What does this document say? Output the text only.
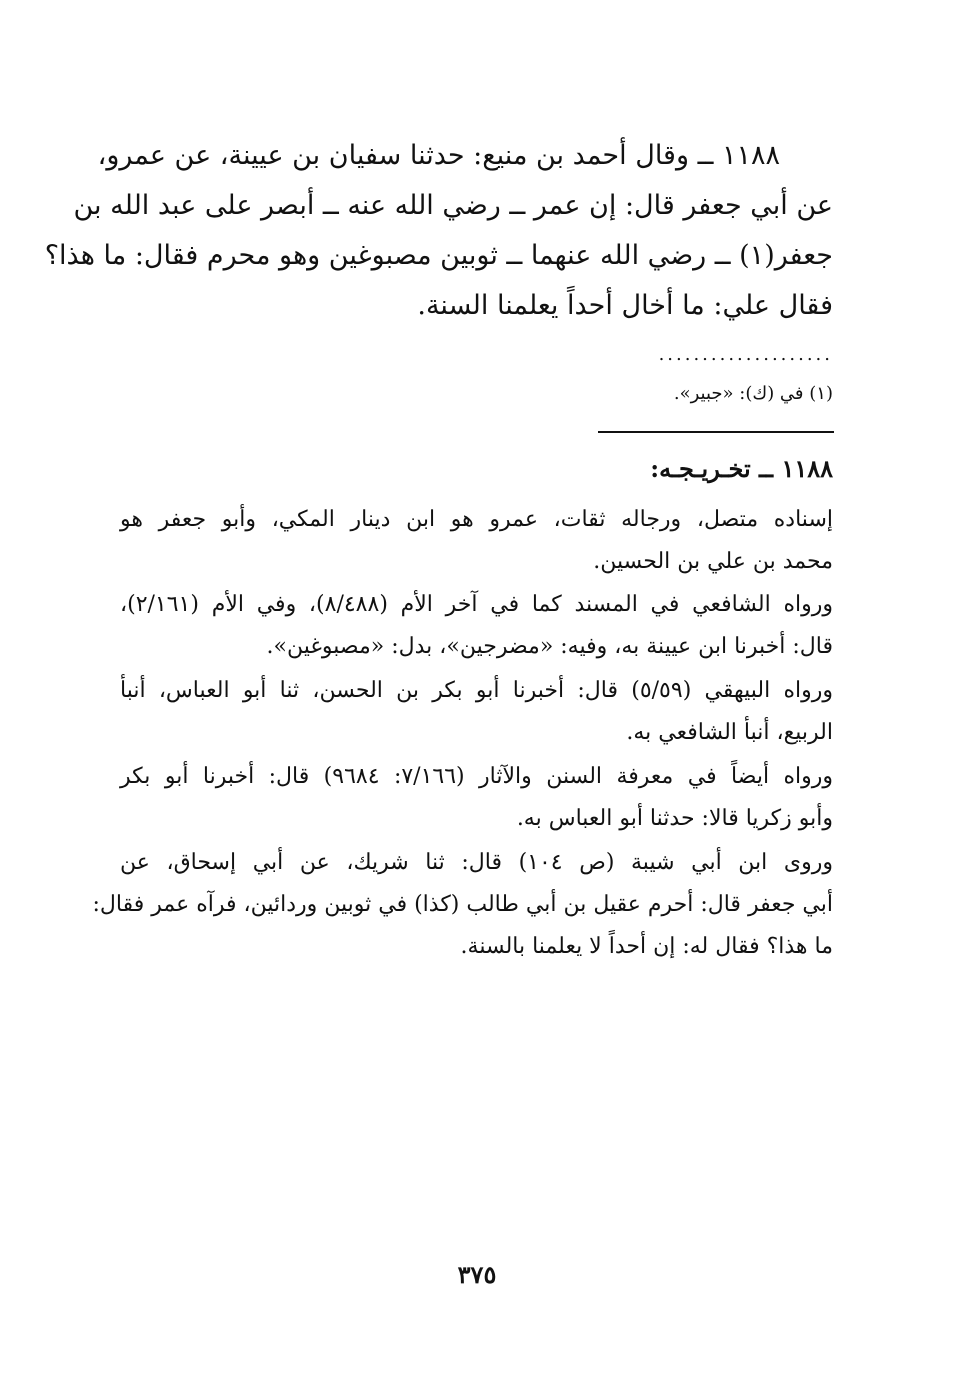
١١٨٨ ــ وقال أحمد بن منيع: حدثنا سفيان بن عيينة، عن عمرو،
عن أبي جعفر قال: إن عمر ــ رضي الله عنه ــ أبصر على عبد الله بن
جعفر(١) ــ رضي الله عنهما ــ ثوبين مصبوغين وهو محرم فقال: ما هذا؟
فقال علي: ما أخال أحداً يعلمنا السنة.
....................
(١) في (ك): «جبير».
١١٨٨ ــ تخـريـجـه:
إسناده متصل، ورجاله ثقات، عمرو هو ابن دينار المكي، وأبو جعفر هو
محمد بن علي بن الحسين.
ورواه الشافعي في المسند كما في آخر الأم (٨/٤٨٨)، وفي الأم (٢/١٦١)،
قال: أخبرنا ابن عيينة به، وفيه: «مضرجين»، بدل: «مصبوغين».
ورواه البيهقي (٥/٥٩) قال: أخبرنا أبو بكر بن الحسن، ثنا أبو العباس، أنبأ
الربيع، أنبأ الشافعي به.
ورواه أيضاً في معرفة السنن والآثار (٧/١٦٦: ٩٦٨٤) قال: أخبرنا أبو بكر
وأبو زكريا قالا: حدثنا أبو العباس به.
وروى ابن أبي شيبة (ص ١٠٤) قال: ثنا شريك، عن أبي إسحاق، عن
أبي جعفر قال: أحرم عقيل بن أبي طالب (كذا) في ثوبين وردائين، فرآه عمر فقال:
ما هذا؟ فقال له: إن أحداً لا يعلمنا بالسنة.
٣٧٥
